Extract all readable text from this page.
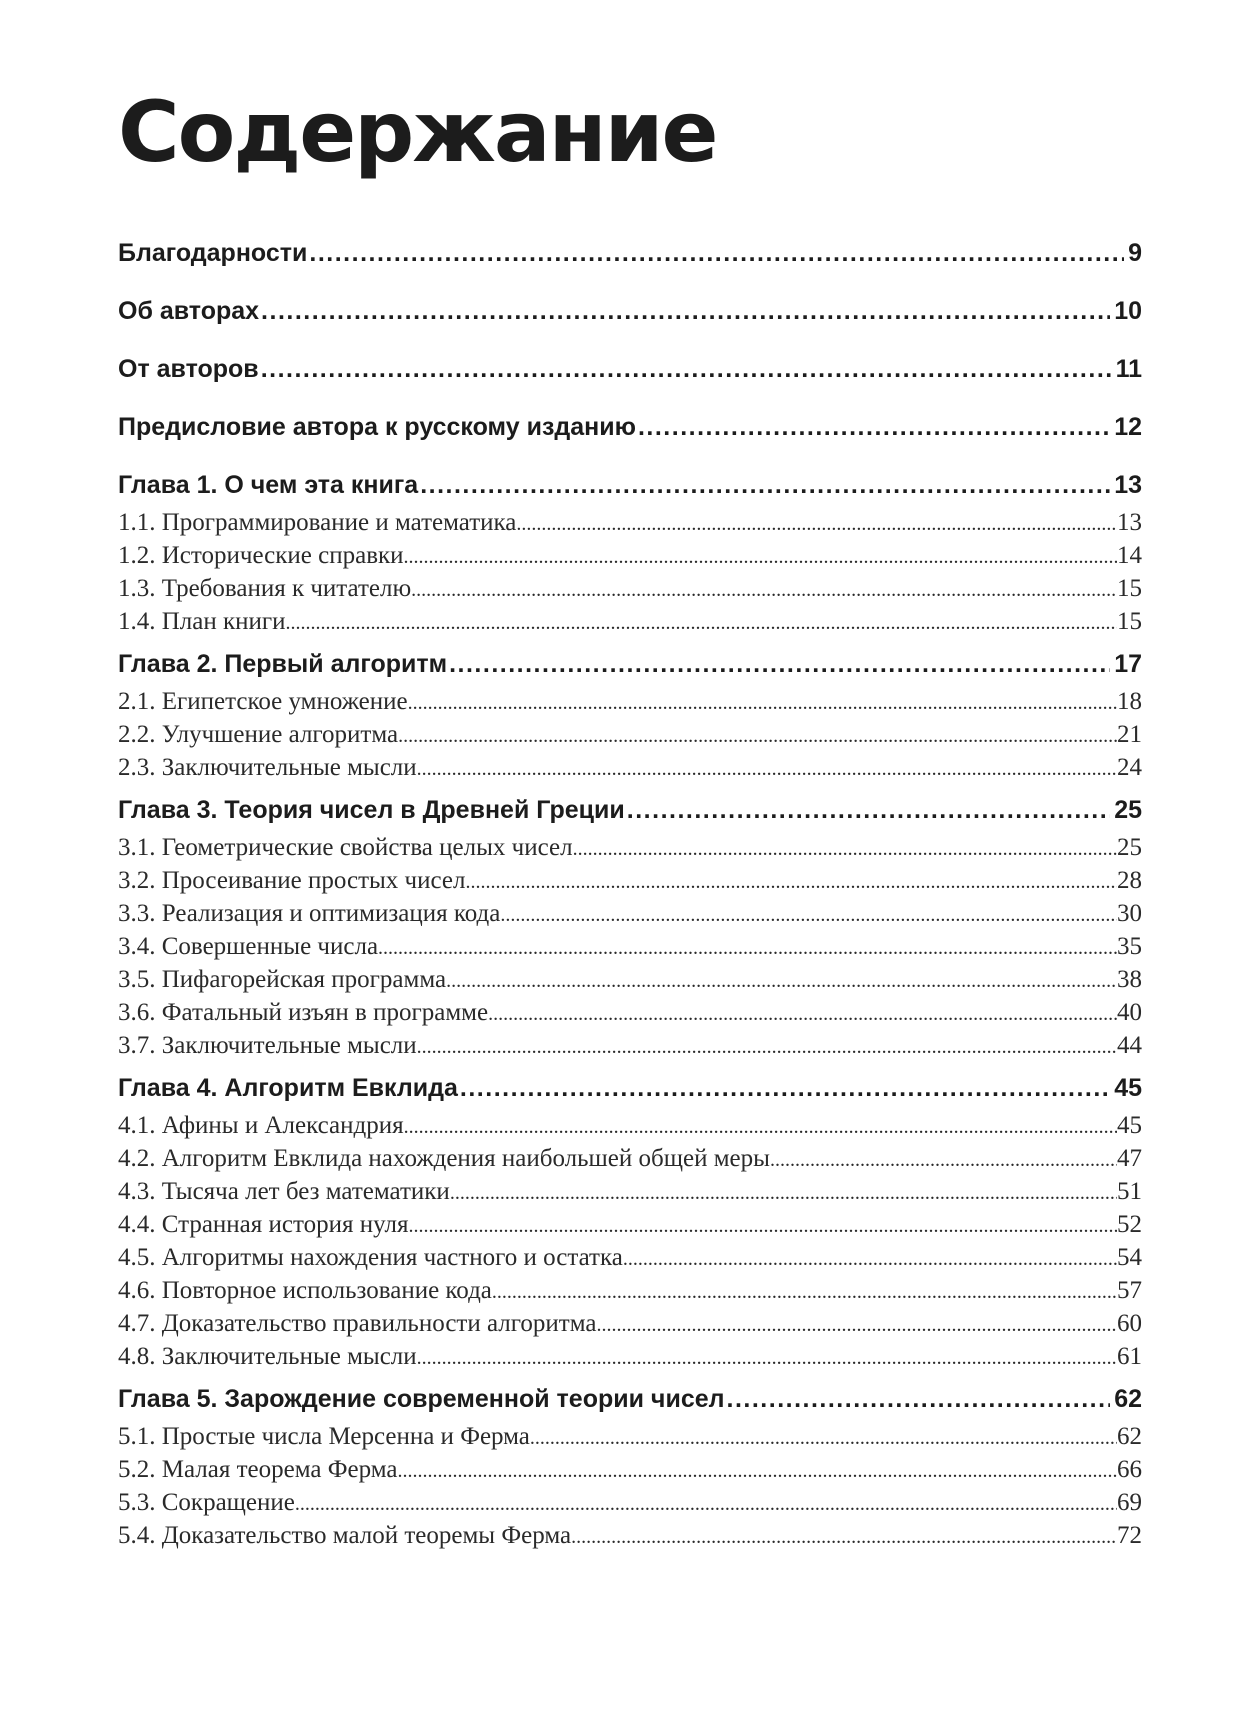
Содержание
Благодарности .....	9
Об авторах .....	10
От авторов .....	11
Предисловие автора к русскому изданию .....	12
Глава 1. О чем эта книга .....	13
1.1. Программирование и математика .....	13
1.2. Исторические справки .....	14
1.3. Требования к читателю .....	15
1.4. План книги .....	15
Глава 2. Первый алгоритм .....	17
2.1. Египетское умножение .....	18
2.2. Улучшение алгоритма .....	21
2.3. Заключительные мысли .....	24
Глава 3. Теория чисел в Древней Греции .....	25
3.1. Геометрические свойства целых чисел .....	25
3.2. Просеивание простых чисел .....	28
3.3. Реализация и оптимизация кода .....	30
3.4. Совершенные числа .....	35
3.5. Пифагорейская программа .....	38
3.6. Фатальный изъян в программе .....	40
3.7. Заключительные мысли .....	44
Глава 4. Алгоритм Евклида .....	45
4.1. Афины и Александрия .....	45
4.2. Алгоритм Евклида нахождения наибольшей общей меры .....	47
4.3. Тысяча лет без математики .....	51
4.4. Странная история нуля .....	52
4.5. Алгоритмы нахождения частного и остатка .....	54
4.6. Повторное использование кода .....	57
4.7. Доказательство правильности алгоритма .....	60
4.8. Заключительные мысли .....	61
Глава 5. Зарождение современной теории чисел .....	62
5.1. Простые числа Мерсенна и Ферма .....	62
5.2. Малая теорема Ферма .....	66
5.3. Сокращение .....	69
5.4. Доказательство малой теоремы Ферма .....	72
